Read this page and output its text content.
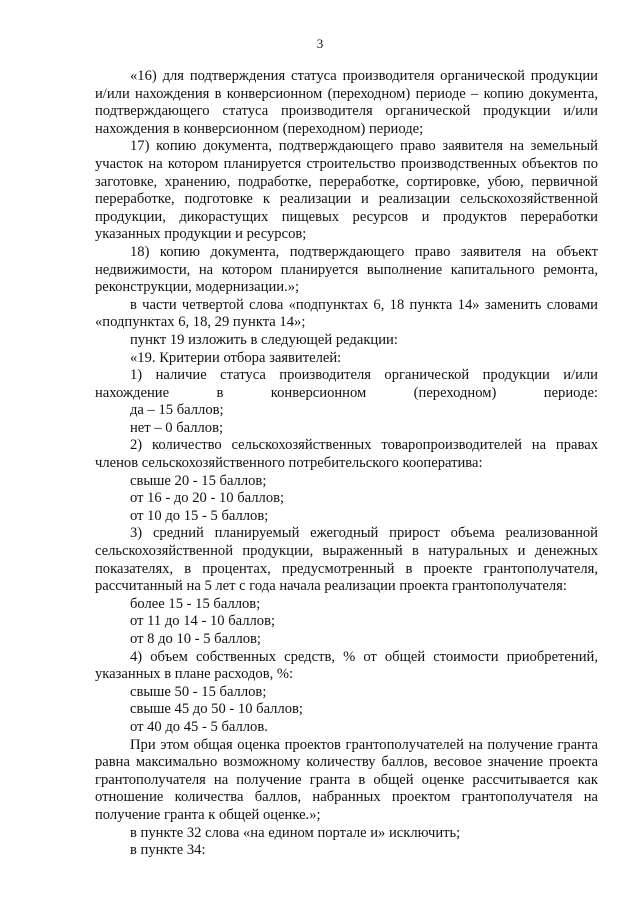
3

«16) для подтверждения статуса производителя органической продукции и/или нахождения в конверсионном (переходном) периоде – копию документа, подтверждающего статуса производителя органической продукции и/или нахождения в конверсионном (переходном) периоде;

17) копию документа, подтверждающего право заявителя на земельный участок на котором планируется строительство производственных объектов по заготовке, хранению, подработке, переработке, сортировке, убою, первичной переработке, подготовке к реализации и реализации сельскохозяйственной продукции, дикорастущих пищевых ресурсов и продуктов переработки указанных продукции и ресурсов;

18) копию документа, подтверждающего право заявителя на объект недвижимости, на котором планируется выполнение капитального ремонта, реконструкции, модернизации.»;

в части четвертой слова «подпунктах 6, 18 пункта 14» заменить словами «подпунктах 6, 18, 29 пункта 14»;

пункт 19 изложить в следующей редакции:

«19. Критерии отбора заявителей:

1) наличие статуса производителя органической продукции и/или нахождение в конверсионном (переходном) периоде:

да – 15 баллов;

нет – 0 баллов;

2) количество сельскохозяйственных товаропроизводителей на правах членов сельскохозяйственного потребительского кооператива:

свыше 20 - 15 баллов;

от 16 - до 20 - 10 баллов;

от 10 до 15 - 5 баллов;

3) средний планируемый ежегодный прирост объема реализованной сельскохозяйственной продукции, выраженный в натуральных и денежных показателях, в процентах, предусмотренный в проекте грантополучателя, рассчитанный на 5 лет с года начала реализации проекта грантополучателя:

более 15 - 15 баллов;

от 11 до 14 - 10 баллов;

от 8 до 10 - 5 баллов;

4) объем собственных средств, % от общей стоимости приобретений, указанных в плане расходов, %:

свыше 50 - 15 баллов;

свыше 45 до 50 - 10 баллов;

от 40 до 45 - 5 баллов.

При этом общая оценка проектов грантополучателей на получение гранта равна максимально возможному количеству баллов, весовое значение проекта грантополучателя на получение гранта в общей оценке рассчитывается как отношение количества баллов, набранных проектом грантополучателя на получение гранта к общей оценке.»;

в пункте 32 слова «на едином портале и» исключить;

в пункте 34:
